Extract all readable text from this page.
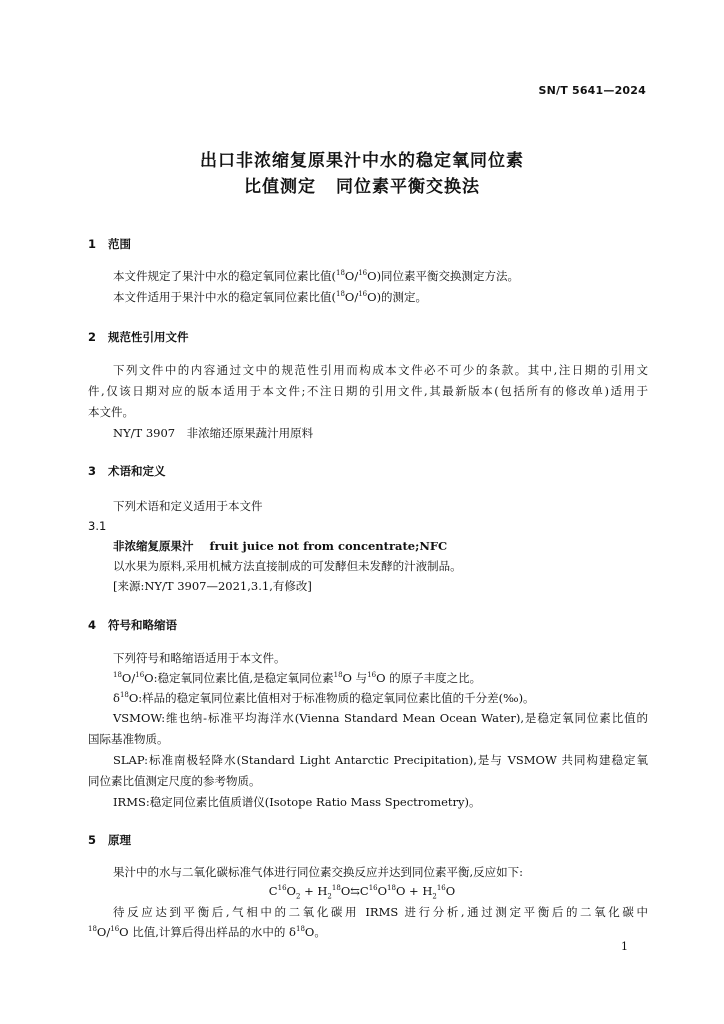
SN/T 5641—2024
出口非浓缩复原果汁中水的稳定氧同位素
比值测定 同位素平衡交换法
1 范围
本文件规定了果汁中水的稳定氧同位素比值($^{18}$O/$^{16}$O)同位素平衡交换测定方法。
本文件适用于果汁中水的稳定氧同位素比值($^{18}$O/$^{16}$O)的测定。
2 规范性引用文件
下列文件中的内容通过文中的规范性引用而构成本文件必不可少的条款。其中,注日期的引用文
件,仅该日期对应的版本适用于本文件;不注日期的引用文件,其最新版本(包括所有的修改单)适用于
本文件。
NY/T 3907　非浓缩还原果蔬汁用原料
3 术语和定义
下列术语和定义适用于本文件
3.1
非浓缩复原果汁 fruit juice not from concentrate;NFC
以水果为原料,采用机械方法直接制成的可发酵但未发酵的汁液制品。
[来源:NY/T 3907—2021,3.1,有修改]
4 符号和略缩语
下列符号和略缩语适用于本文件。
$^{18}$O/$^{16}$O:稳定氧同位素比值,是稳定氧同位素$^{18}$O 与$^{16}$O 的原子丰度之比。
$\delta^{18}O$:样品的稳定氧同位素比值相对于标准物质的稳定氧同位素比值的千分差(‰)。
VSMOW:维也纳-标准平均海洋水(Vienna Standard Mean Ocean Water),是稳定氧同位素比值的
国际基准物质。
SLAP:标准南极轻降水(Standard Light Antarctic Precipitation),是与 VSMOW 共同构建稳定氧
同位素比值测定尺度的参考物质。
IRMS:稳定同位素比值质谱仪(Isotope Ratio Mass Spectrometry)。
5 原理
果汁中的水与二氧化碳标准气体进行同位素交换反应并达到同位素平衡,反应如下:
$C^{16}O_2$ + $H_2^{18}O⇆C^{16}O^{18}O + H_2^{16}O$
待反应达到平衡后,气相中的二氧化碳用 IRMS 进行分析,通过测定平衡后的二氧化碳中
$^{18}$O/$^{16}$O 比值,计算后得出样品的水中的 $\delta^{18}O$。
1
